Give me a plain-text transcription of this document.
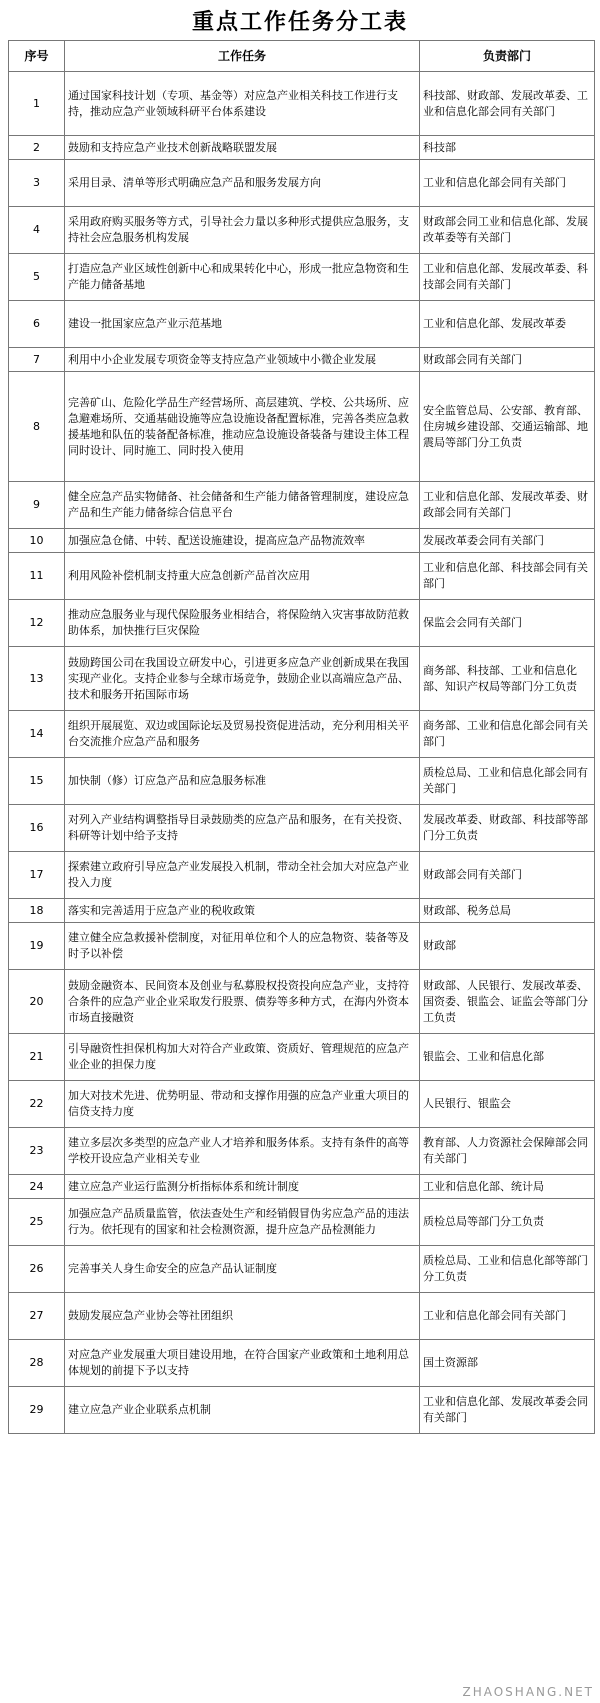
重点工作任务分工表
序号	工作任务	负责部门
1	通过国家科技计划（专项、基金等）对应急产业相关科技工作进行支持，推动应急产业领域科研平台体系建设	科技部、财政部、发展改革委、工业和信息化部会同有关部门
2	鼓励和支持应急产业技术创新战略联盟发展	科技部
3	采用目录、清单等形式明确应急产品和服务发展方向	工业和信息化部会同有关部门
4	采用政府购买服务等方式，引导社会力量以多种形式提供应急服务，支持社会应急服务机构发展	财政部会同工业和信息化部、发展改革委等有关部门
5	打造应急产业区域性创新中心和成果转化中心，形成一批应急物资和生产能力储备基地	工业和信息化部、发展改革委、科技部会同有关部门
6	建设一批国家应急产业示范基地	工业和信息化部、发展改革委
7	利用中小企业发展专项资金等支持应急产业领域中小微企业发展	财政部会同有关部门
8	完善矿山、危险化学品生产经营场所、高层建筑、学校、公共场所、应急避难场所、交通基础设施等应急设施设备配置标准，完善各类应急救援基地和队伍的装备配备标准，推动应急设施设备装备与建设主体工程同时设计、同时施工、同时投入使用	安全监管总局、公安部、教育部、住房城乡建设部、交通运输部、地震局等部门分工负责
9	健全应急产品实物储备、社会储备和生产能力储备管理制度，建设应急产品和生产能力储备综合信息平台	工业和信息化部、发展改革委、财政部会同有关部门
10	加强应急仓储、中转、配送设施建设，提高应急产品物流效率	发展改革委会同有关部门
11	利用风险补偿机制支持重大应急创新产品首次应用	工业和信息化部、科技部会同有关部门
12	推动应急服务业与现代保险服务业相结合，将保险纳入灾害事故防范救助体系，加快推行巨灾保险	保监会会同有关部门
13	鼓励跨国公司在我国设立研发中心，引进更多应急产业创新成果在我国实现产业化。支持企业参与全球市场竞争，鼓励企业以高端应急产品、技术和服务开拓国际市场	商务部、科技部、工业和信息化部、知识产权局等部门分工负责
14	组织开展展览、双边或国际论坛及贸易投资促进活动，充分利用相关平台交流推介应急产品和服务	商务部、工业和信息化部会同有关部门
15	加快制（修）订应急产品和应急服务标准	质检总局、工业和信息化部会同有关部门
16	对列入产业结构调整指导目录鼓励类的应急产品和服务，在有关投资、科研等计划中给予支持	发展改革委、财政部、科技部等部门分工负责
17	探索建立政府引导应急产业发展投入机制，带动全社会加大对应急产业投入力度	财政部会同有关部门
18	落实和完善适用于应急产业的税收政策	财政部、税务总局
19	建立健全应急救援补偿制度，对征用单位和个人的应急物资、装备等及时予以补偿	财政部
20	鼓励金融资本、民间资本及创业与私募股权投资投向应急产业，支持符合条件的应急产业企业采取发行股票、债券等多种方式，在海内外资本市场直接融资	财政部、人民银行、发展改革委、国资委、银监会、证监会等部门分工负责
21	引导融资性担保机构加大对符合产业政策、资质好、管理规范的应急产业企业的担保力度	银监会、工业和信息化部
22	加大对技术先进、优势明显、带动和支撑作用强的应急产业重大项目的信贷支持力度	人民银行、银监会
23	建立多层次多类型的应急产业人才培养和服务体系。支持有条件的高等学校开设应急产业相关专业	教育部、人力资源社会保障部会同有关部门
24	建立应急产业运行监测分析指标体系和统计制度	工业和信息化部、统计局
25	加强应急产品质量监管，依法查处生产和经销假冒伪劣应急产品的违法行为。依托现有的国家和社会检测资源，提升应急产品检测能力	质检总局等部门分工负责
26	完善事关人身生命安全的应急产品认证制度	质检总局、工业和信息化部等部门分工负责
27	鼓励发展应急产业协会等社团组织	工业和信息化部会同有关部门
28	对应急产业发展重大项目建设用地，在符合国家产业政策和土地利用总体规划的前提下予以支持	国土资源部
29	建立应急产业企业联系点机制	工业和信息化部、发展改革委会同有关部门
ZHAOSHANG.NET
